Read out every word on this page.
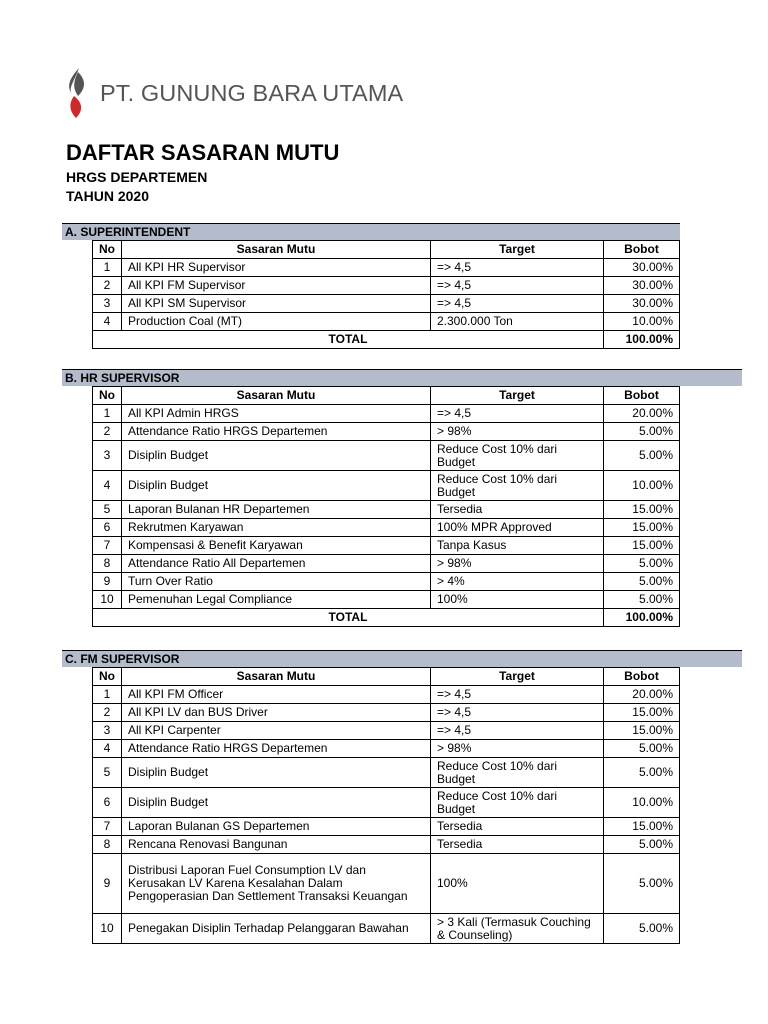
PT. GUNUNG BARA UTAMA
DAFTAR SASARAN MUTU
HRGS DEPARTEMEN
TAHUN 2020
A. SUPERINTENDENT
No	Sasaran Mutu	Target	Bobot
1	All KPI HR Supervisor	=> 4,5	30.00%
2	All KPI FM Supervisor	=> 4,5	30.00%
3	All KPI SM Supervisor	=> 4,5	30.00%
4	Production Coal (MT)	2.300.000 Ton	10.00%
TOTAL			100.00%
B. HR SUPERVISOR
No	Sasaran Mutu	Target	Bobot
1	All KPI Admin HRGS	=> 4,5	20.00%
2	Attendance Ratio HRGS Departemen	> 98%	5.00%
3	Disiplin Budget	Reduce Cost 10% dari Budget	5.00%
4	Disiplin Budget	Reduce Cost 10% dari Budget	10.00%
5	Laporan Bulanan HR Departemen	Tersedia	15.00%
6	Rekrutmen Karyawan	100% MPR Approved	15.00%
7	Kompensasi & Benefit Karyawan	Tanpa Kasus	15.00%
8	Attendance Ratio All Departemen	> 98%	5.00%
9	Turn Over Ratio	> 4%	5.00%
10	Pemenuhan Legal Compliance	100%	5.00%
TOTAL			100.00%
C. FM SUPERVISOR
No	Sasaran Mutu	Target	Bobot
1	All KPI FM Officer	=> 4,5	20.00%
2	All KPI LV dan BUS Driver	=> 4,5	15.00%
3	All KPI Carpenter	=> 4,5	15.00%
4	Attendance Ratio HRGS Departemen	> 98%	5.00%
5	Disiplin Budget	Reduce Cost 10% dari Budget	5.00%
6	Disiplin Budget	Reduce Cost 10% dari Budget	10.00%
7	Laporan Bulanan GS Departemen	Tersedia	15.00%
8	Rencana Renovasi Bangunan	Tersedia	5.00%
9	Distribusi Laporan Fuel Consumption LV dan Kerusakan LV Karena Kesalahan Dalam Pengoperasian Dan Settlement Transaksi Keuangan	100%	5.00%
10	Penegakan Disiplin Terhadap Pelanggaran Bawahan	> 3 Kali (Termasuk Couching & Counseling)	5.00%
